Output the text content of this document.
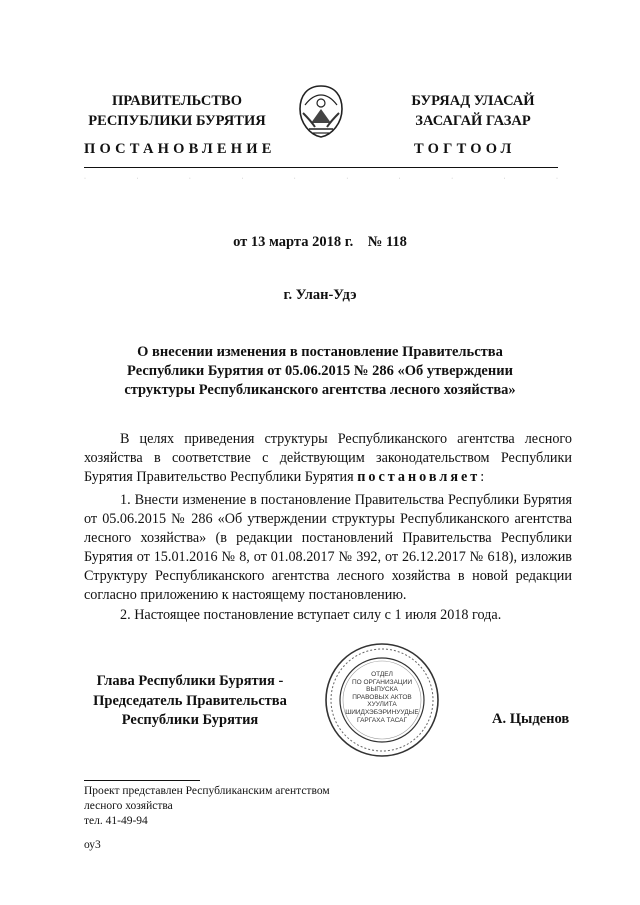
ПРАВИТЕЛЬСТВО
РЕСПУБЛИКИ БУРЯТИЯ
БУРЯАД УЛАСАЙ
ЗАСАГАЙ ГАЗАР
ПОСТАНОВЛЕНИЕ	ТОГТООЛ
·	·	·	·	·	·	·	·	·	·
от 13 марта 2018 г.    № 118
г. Улан-Удэ
О внесении изменения в постановление Правительства
Республики Бурятия от 05.06.2015 № 286 «Об утверждении
структуры Республиканского агентства лесного хозяйства»

В целях приведения структуры Республиканского агентства лесного хозяйства в соответствие с действующим законодательством Республики Бурятия Правительство Республики Бурятия постановляет:

1. Внести изменение в постановление Правительства Республики Бурятия от 05.06.2015 № 286 «Об утверждении структуры Республиканского агентства лесного хозяйства» (в редакции постановлений Правительства Республики Бурятия от 15.01.2016 № 8, от 01.08.2017 № 392, от 26.12.2017 № 618), изложив Структуру Республиканского агентства лесного хозяйства в новой редакции согласно приложению к настоящему постановлению.

2. Настоящее постановление вступает силу с 1 июля 2018 года.

Глава Республики Бурятия -
Председатель Правительства
Республики Бурятия
ОТДЕЛ
ПО ОРГАНИЗАЦИИ
ВЫПУСКА
ПРАВОВЫХ АКТОВ
ХУУЛИТА
ШИИДХЭБЭРИНУУДЫЕ
ГАРГАХА ТАСАГ	А. Цыденов
Проект представлен Республиканским агентством
лесного хозяйства
тел. 41-49-94
оу3
